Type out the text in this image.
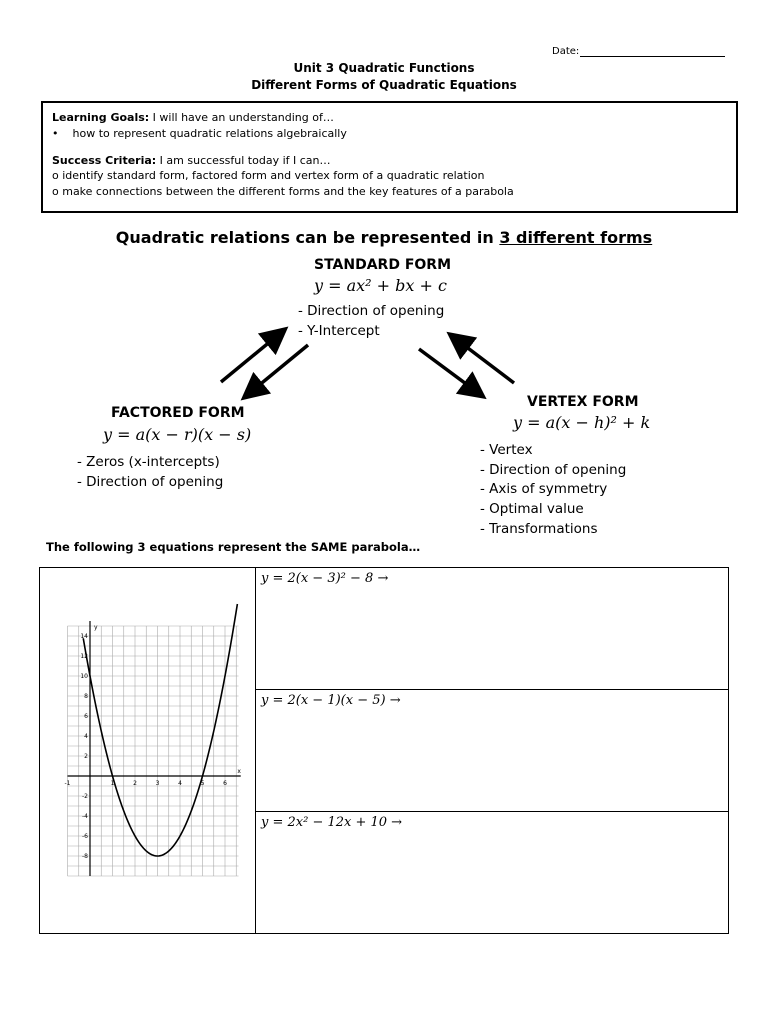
Date:
Unit 3 Quadratic Functions
Different Forms of Quadratic Equations
Learning Goals: I will have an understanding of…
• how to represent quadratic relations algebraically
Success Criteria: I am successful today if I can…
o identify standard form, factored form and vertex form of a quadratic relation
o make connections between the different forms and the key features of a parabola
Quadratic relations can be represented in 3 different forms
STANDARD FORM
y = ax² + bx + c
- Direction of opening
- Y-Intercept
FACTORED FORM
y = a(x − r)(x − s)
- Zeros (x-intercepts)
- Direction of opening
VERTEX FORM
y = a(x − h)² + k
- Vertex
- Direction of opening
- Axis of symmetry
- Optimal value
- Transformations
The following 3 equations represent the SAME parabola…
-1	1	2	3	4	5	6
14
12
10
8
6
4
2
-2
-4
-6
-8
x
y
y = 2(x − 3)² − 8 →
y = 2(x − 1)(x − 5) →
y = 2x² − 12x + 10 →
